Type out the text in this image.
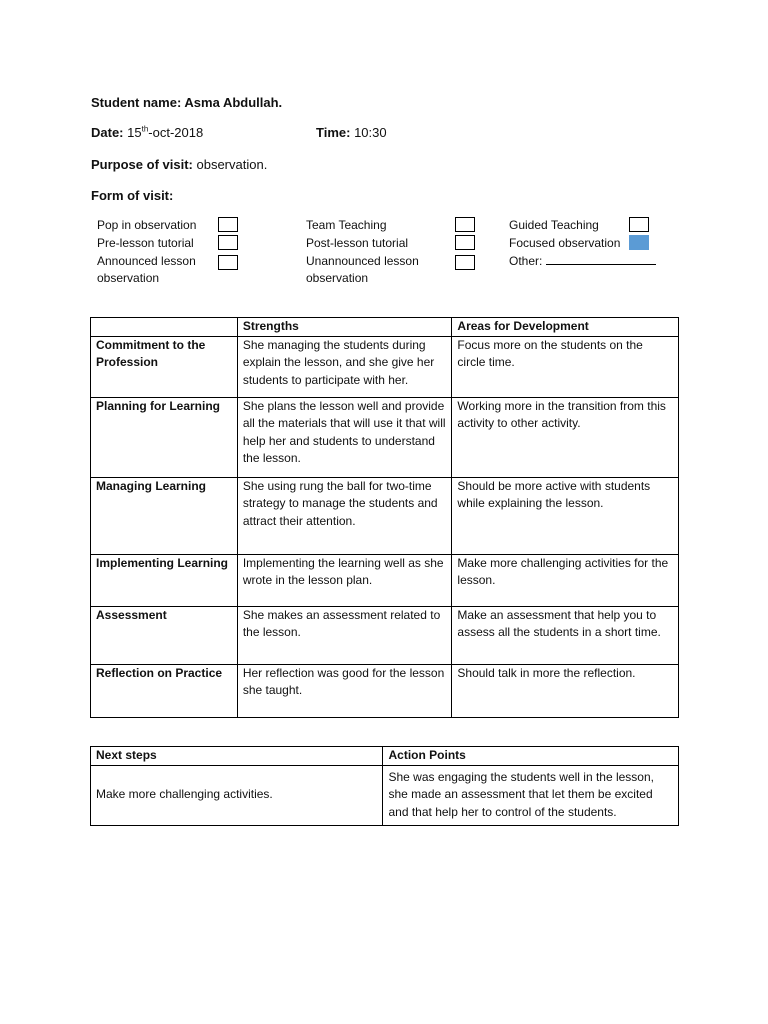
Student name: Asma Abdullah.
Date: 15th-oct-2018	Time: 10:30
Purpose of visit: observation.
Form of visit:
Pop in observation
Pre-lesson tutorial
Announced lesson observation
Team Teaching
Post-lesson tutorial
Unannounced lesson observation
Guided Teaching
Focused observation
Other:
	Strengths	Areas for Development
Commitment to the Profession	She managing the students during explain the lesson, and she give her students to participate with her.	Focus more on the students on the circle time.
Planning for Learning	She plans the lesson well and provide all the materials that will use it that will help her and students to understand the lesson.	Working more in the transition from this activity to other activity.
Managing Learning	She using rung the ball for two-time strategy to manage the students and attract their attention.	Should be more active with students while explaining the lesson.
Implementing Learning	Implementing the learning well as she wrote in the lesson plan.	Make more challenging activities for the lesson.
Assessment	She makes an assessment related to the lesson.	Make an assessment that help you to assess all the students in a short time.
Reflection on Practice	Her reflection was good for the lesson she taught.	Should talk in more the reflection.
Next steps	Action Points
Make more challenging activities.	She was engaging the students well in the lesson, she made an assessment that let them be excited and that help her to control of the students.
